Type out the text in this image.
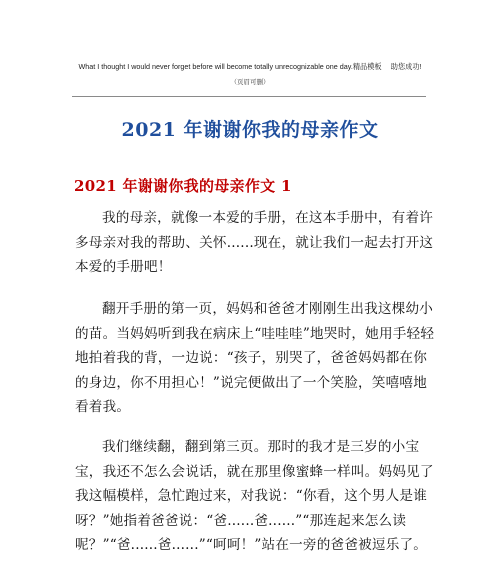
What I thought I would never forget before will become totally unrecognizable one day.精品模板　 助您成功!
（页眉可删）
2021 年谢谢你我的母亲作文
2021 年谢谢你我的母亲作文 1
我的母亲，就像一本爱的手册，在这本手册中，有着许多母亲对我的帮助、关怀......现在，就让我们一起去打开这本爱的手册吧！
翻开手册的第一页，妈妈和爸爸才刚刚生出我这棵幼小的苗。当妈妈听到我在病床上“哇哇哇”地哭时，她用手轻轻地拍着我的背，一边说：“孩子，别哭了，爸爸妈妈都在你的身边，你不用担心！”说完便做出了一个笑脸，笑嘻嘻地看着我。
我们继续翻，翻到第三页。那时的我才是三岁的小宝宝，我还不怎么会说话，就在那里像蜜蜂一样叫。妈妈见了我这幅模样，急忙跑过来，对我说：“你看，这个男人是谁呀？”她指着爸爸说：“爸......爸......”“那连起来怎么读呢？”“爸......爸......”“呵呵！”站在一旁的爸爸被逗乐了。
